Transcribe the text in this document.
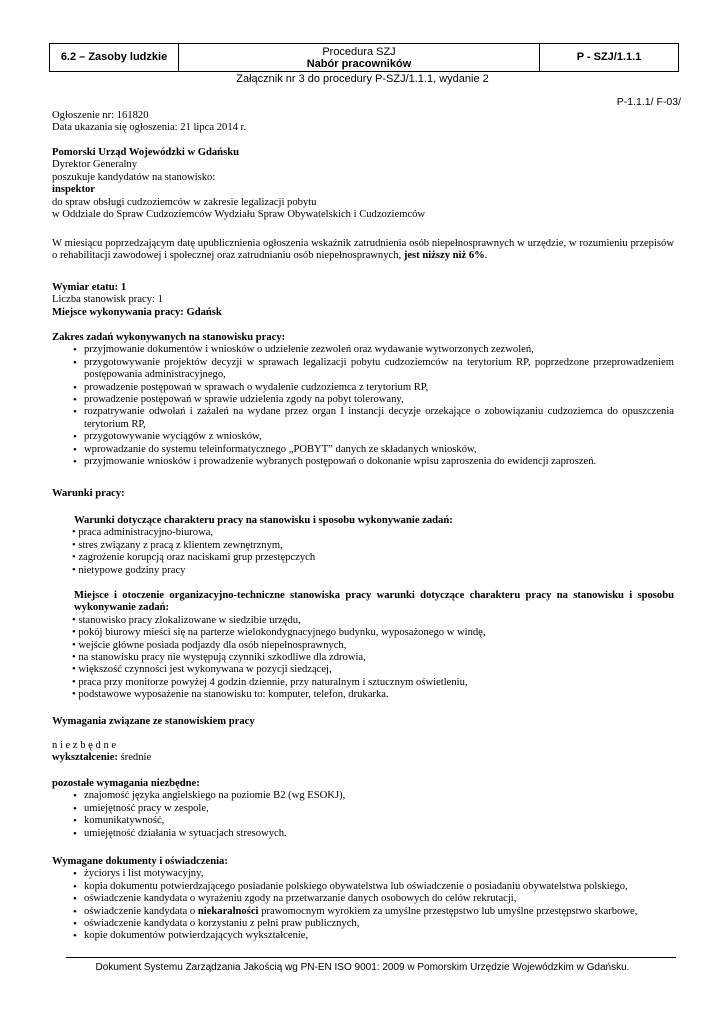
6.2 – Zasoby ludzkie	Procedura SZJ
Nabór pracowników
P - SZJ/1.1.1
Załącznik nr 3 do procedury P-SZJ/1.1.1, wydanie 2
P-1.1.1/ F-03/
Ogłoszenie nr: 161820
Data ukazania się ogłoszenia: 21 lipca 2014 r.
Pomorski Urząd Wojewódzki w Gdańsku
Dyrektor Generalny
poszukuje kandydatów na stanowisko:
inspektor
do spraw obsługi cudzoziemców w zakresie legalizacji pobytu
w Oddziale do Spraw Cudzoziemców Wydziału Spraw Obywatelskich i Cudzoziemców
W miesiącu poprzedzającym datę upublicznienia ogłoszenia wskaźnik zatrudnienia osób niepełnosprawnych w urzędzie, w rozumieniu przepisów o rehabilitacji zawodowej i społecznej oraz zatrudnianiu osób niepełnosprawnych, jest niższy niż 6%.
Wymiar etatu: 1
Liczba stanowisk pracy: 1
Miejsce wykonywania pracy: Gdańsk
Zakres zadań wykonywanych na stanowisku pracy:
• przyjmowanie dokumentów i wniosków o udzielenie zezwoleń oraz wydawanie wytworzonych zezwoleń,
• przygotowywanie projektów decyzji w sprawach legalizacji pobytu cudzoziemców na terytorium RP, poprzedzone przeprowadzeniem postępowania administracyjnego,
• prowadzenie postępowań w sprawach o wydalenie cudzoziemca z terytorium RP,
• prowadzenie postępowań w sprawie udzielenia zgody na pobyt tolerowany,
• rozpatrywanie odwołań i zażaleń na wydane przez organ I instancji decyzje orzekające o zobowiązaniu cudzoziemca do opuszczenia terytorium RP,
• przygotowywanie wyciągów z wniosków,
• wprowadzanie do systemu teleinformatycznego „POBYT” danych ze składanych wniosków,
• przyjmowanie wniosków i prowadzenie wybranych postępowań o dokonanie wpisu zaproszenia do ewidencji zaproszeń.
Warunki pracy:
Warunki dotyczące charakteru pracy na stanowisku i sposobu wykonywanie zadań:
• praca administracyjno-biurowa,
• stres związany z pracą z klientem zewnętrznym,
• zagrożenie korupcją oraz naciskami grup przestępczych
• nietypowe godziny pracy
Miejsce i otoczenie organizacyjno-techniczne stanowiska pracy warunki dotyczące charakteru pracy na stanowisku i sposobu wykonywanie zadań:
• stanowisko pracy zlokalizowane w siedzibie urzędu,
• pokój biurowy mieści się na parterze wielokondygnacyjnego budynku, wyposażonego w windę,
• wejście główne posiada podjazdy dla osób niepełnosprawnych,
• na stanowisku pracy nie występują czynniki szkodliwe dla zdrowia,
• większość czynności jest wykonywana w pozycji siedzącej,
• praca przy monitorze powyżej 4 godzin dziennie, przy naturalnym i sztucznym oświetleniu,
• podstawowe wyposażenie na stanowisku to: komputer, telefon, drukarka.
Wymagania związane ze stanowiskiem pracy
n i e z b ę d n e
wykształcenie: średnie
pozostałe wymagania niezbędne:
• znajomość języka angielskiego na poziomie B2 (wg ESOKJ),
• umiejętność pracy w zespole,
• komunikatywność,
• umiejętność działania w sytuacjach stresowych.
Wymagane dokumenty i oświadczenia:
• życiorys i list motywacyjny,
• kopia dokumentu potwierdzającego posiadanie polskiego obywatelstwa lub oświadczenie o posiadaniu obywatelstwa polskiego,
• oświadczenie kandydata o wyrażeniu zgody na przetwarzanie danych osobowych do celów rekrutacji,
• oświadczenie kandydata o niekaralności prawomocnym wyrokiem za umyślne przestępstwo lub umyślne przestępstwo skarbowe,
• oświadczenie kandydata o korzystaniu z pełni praw publicznych,
• kopie dokumentów potwierdzających wykształcenie,
Dokument Systemu Zarządzania Jakością wg PN-EN ISO 9001: 2009 w Pomorskim Urzędzie Wojewódzkim w Gdańsku.
